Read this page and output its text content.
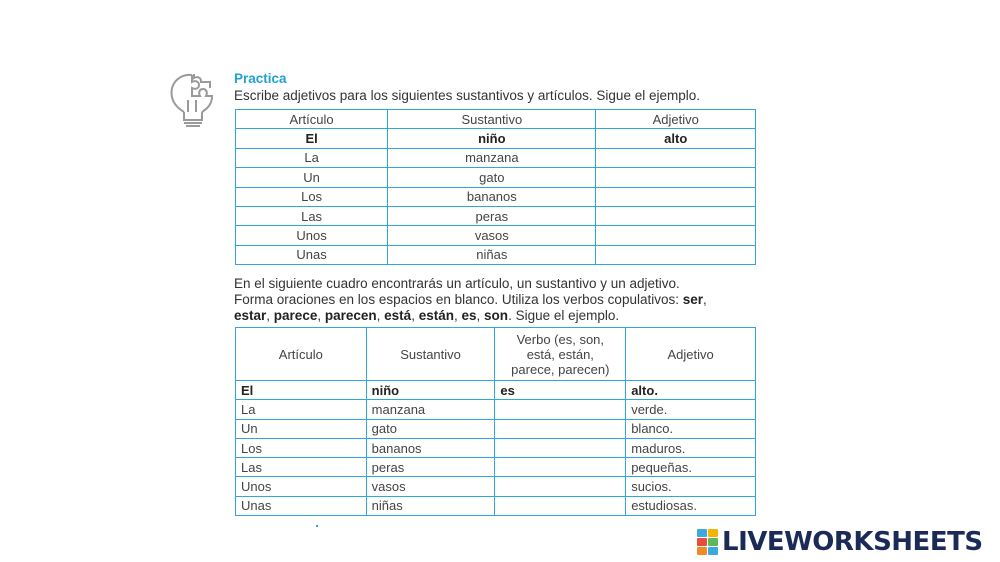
Practica
Escribe adjetivos para los siguientes sustantivos y artículos. Sigue el ejemplo.
Artículo	Sustantivo	Adjetivo
El	niño	alto
La	manzana	
Un	gato	
Los	bananos	
Las	peras	
Unos	vasos	
Unas	niñas	
En el siguiente cuadro encontrarás un artículo, un sustantivo y un adjetivo.
Forma oraciones en los espacios en blanco. Utiliza los verbos copulativos: ser,
estar, parece, parecen, está, están, es, son. Sigue el ejemplo.
Artículo	Sustantivo	Verbo (es, son, está, están, parece, parecen)	Adjetivo
El	niño	es	alto.
La	manzana		verde.
Un	gato		blanco.
Los	bananos		maduros.
Las	peras		pequeñas.
Unos	vasos		sucios.
Unas	niñas		estudiosas.
LIVEWORKSHEETS
